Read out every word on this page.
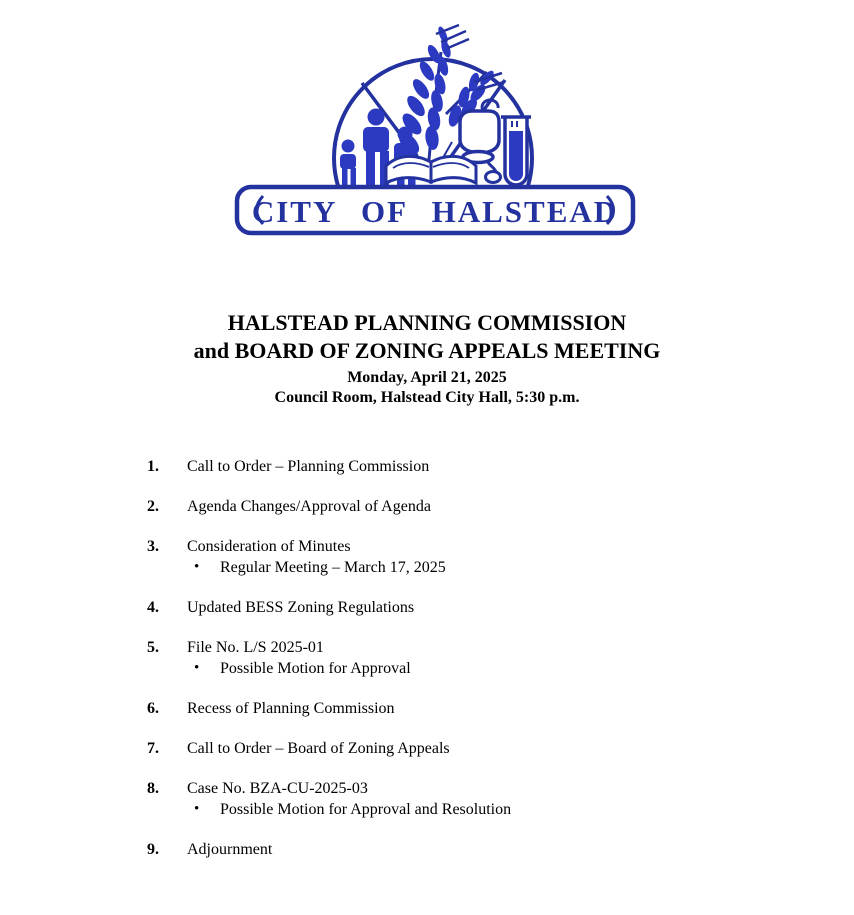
CITY OF HALSTEAD
HALSTEAD PLANNING COMMISSION
and BOARD OF ZONING APPEALS MEETING
Monday, April 21, 2025
Council Room, Halstead City Hall, 5:30 p.m.
1.	Call to Order – Planning Commission
2.	Agenda Changes/Approval of Agenda
3.	Consideration of Minutes
•	Regular Meeting – March 17, 2025
4.	Updated BESS Zoning Regulations
5.	File No. L/S 2025-01
•	Possible Motion for Approval
6.	Recess of Planning Commission
7.	Call to Order – Board of Zoning Appeals
8.	Case No. BZA-CU-2025-03
•	Possible Motion for Approval and Resolution
9.	Adjournment
